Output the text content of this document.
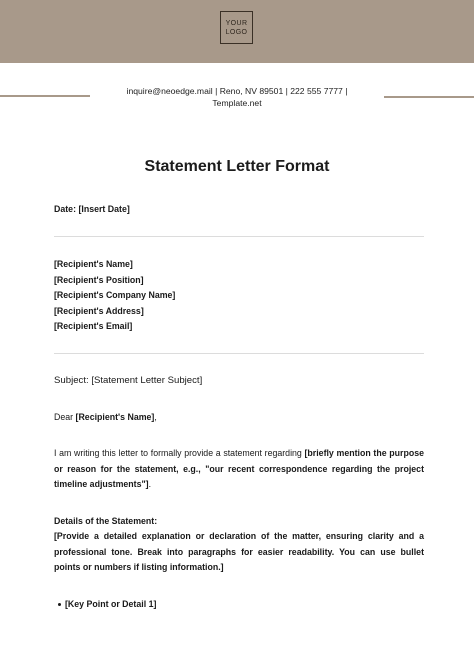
YOUR
LOGO
inquire@neoedge.mail | Reno, NV 89501 | 222 555 7777 |
Template.net
Statement Letter Format
Date: [Insert Date]
[Recipient's Name]
[Recipient's Position]
[Recipient's Company Name]
[Recipient's Address]
[Recipient's Email]
Subject: [Statement Letter Subject]
Dear [Recipient's Name],
I am writing this letter to formally provide a statement regarding [briefly mention the purpose or reason for the statement, e.g., "our recent correspondence regarding the project timeline adjustments"].
Details of the Statement:
[Provide a detailed explanation or declaration of the matter, ensuring clarity and a professional tone. Break into paragraphs for easier readability. You can use bullet points or numbers if listing information.]
[Key Point or Detail 1]
